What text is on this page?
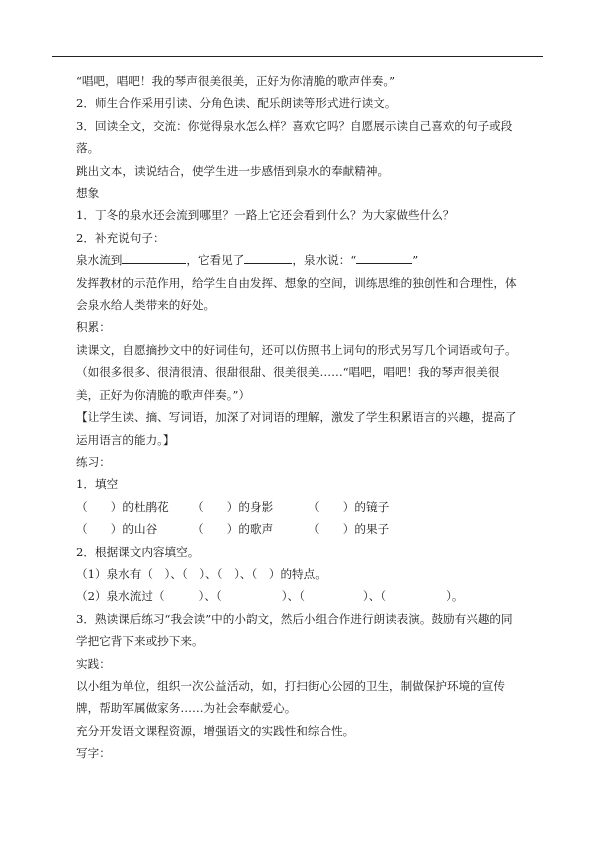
“唱吧，唱吧！我的琴声很美很美，正好为你清脆的歌声伴奏。”
2．师生合作采用引读、分角色读、配乐朗读等形式进行读文。
3．回读全文，交流：你觉得泉水怎么样？喜欢它吗？自愿展示读自己喜欢的句子或段
落。
跳出文本，读说结合，使学生进一步感悟到泉水的奉献精神。
想象
1．丁冬的泉水还会流到哪里？一路上它还会看到什么？为大家做些什么？
2．补充说句子：
泉水流到	，它看见了	，泉水说：“	”
发挥教材的示范作用，给学生自由发挥、想象的空间，训练思维的独创性和合理性，体
会泉水给人类带来的好处。
积累：
读课文，自愿摘抄文中的好词佳句，还可以仿照书上词句的形式另写几个词语或句子。
（如很多很多、很清很清、很甜很甜、很美很美……“唱吧，唱吧！我的琴声很美很
美，正好为你清脆的歌声伴奏。”）
【让学生读、摘、写词语，加深了对词语的理解，激发了学生积累语言的兴趣，提高了
运用语言的能力。】
练习：
1．填空
（　　）的杜鹃花	（　　）的身影	（　　）的镜子
（　　）的山谷	（　　）的歌声	（　　）的果子
2．根据课文内容填空。
（1）泉水有（　）、（　）、（　）、（　）的特点。
（2）泉水流过（	）、（	）、（	）、（	）。
3．熟读课后练习“我会读”中的小韵文，然后小组合作进行朗读表演。鼓励有兴趣的同
学把它背下来或抄下来。
实践：
以小组为单位，组织一次公益活动，如，打扫街心公园的卫生，制做保护环境的宣传
牌，帮助军属做家务……为社会奉献爱心。
充分开发语文课程资源，增强语文的实践性和综合性。
写字：
